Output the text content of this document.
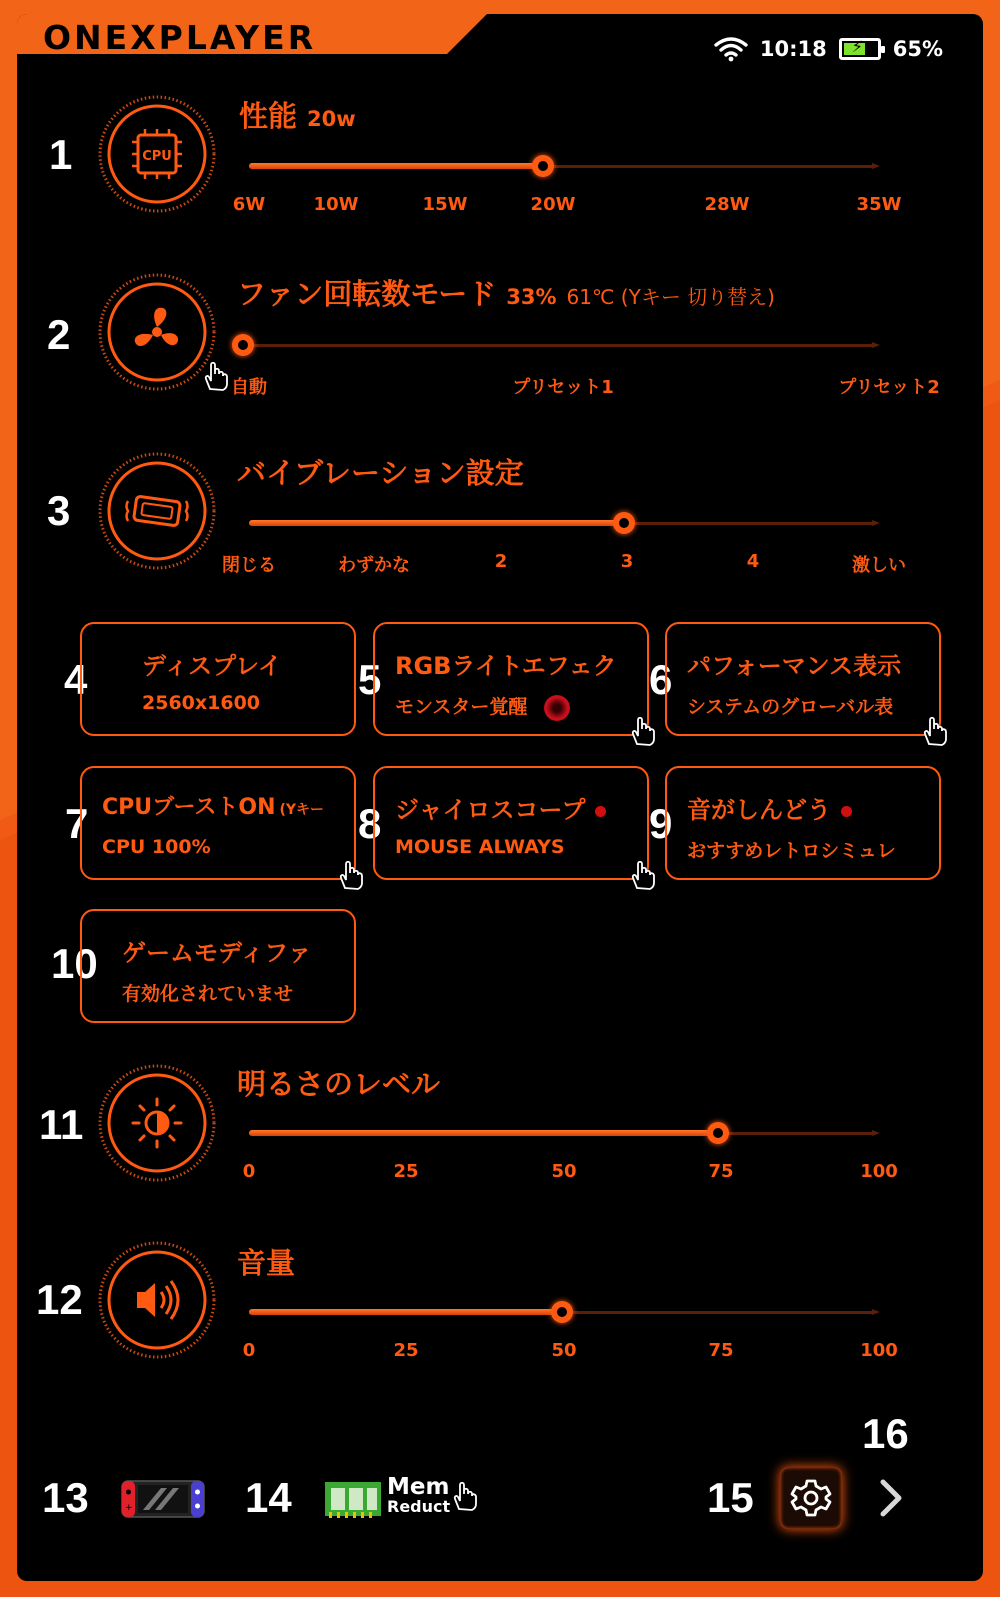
ONEXPLAYER	10:18 ⚡ 65%
1	CPU
性能 20w
6W	10W	15W	20W	28W	35W
2
ファン回転数モード 33% 61℃ (Yキー 切り替え)
自動	プリセット1	プリセット2
3
バイブレーション設定
閉じる	わずかな	2	3	4	激しい
4 ディスプレイ
2560x1600 5 RGBライトエフェク
モンスター覚醒
6 パフォーマンス表示
システムのグローバル表
7 CPUブーストON (Yキー
CPU 100%	8 ジャイロスコープ
MOUSE ALWAYS 9 音がしんどう
おすすめレトロシミュレ
10 ゲームモディファ
有効化されていませ
11
明るさのレベル
0	25	50	75	100
12
音量
0	25	50	75	100
13	+	14	Mem
Reduct	15
16
